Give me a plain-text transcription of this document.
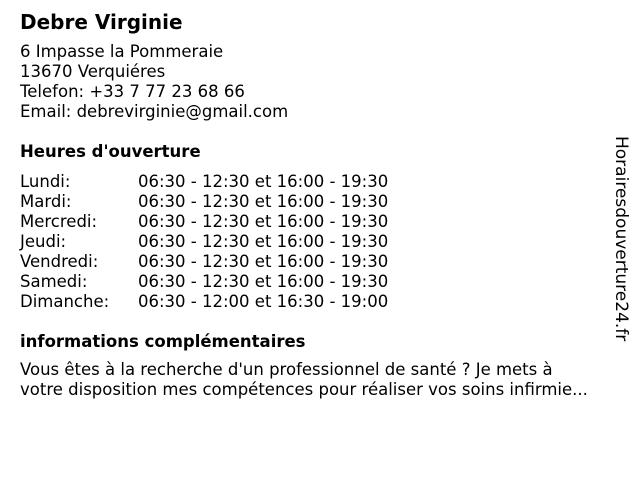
Debre Virginie
6 Impasse la Pommeraie
13670 Verquiéres
Telefon: +33 7 77 23 68 66
Email: debrevirginie@gmail.com
Heures d'ouverture
Lundi:	06:30 - 12:30 et 16:00 - 19:30
Mardi:	06:30 - 12:30 et 16:00 - 19:30
Mercredi:	06:30 - 12:30 et 16:00 - 19:30
Jeudi:	06:30 - 12:30 et 16:00 - 19:30
Vendredi:	06:30 - 12:30 et 16:00 - 19:30
Samedi:	06:30 - 12:30 et 16:00 - 19:30
Dimanche:	06:30 - 12:00 et 16:30 - 19:00
informations complémentaires
Vous êtes à la recherche d'un professionnel de santé ? Je mets à
votre disposition mes compétences pour réaliser vos soins infirmie...
Horairesdouverture24.fr
